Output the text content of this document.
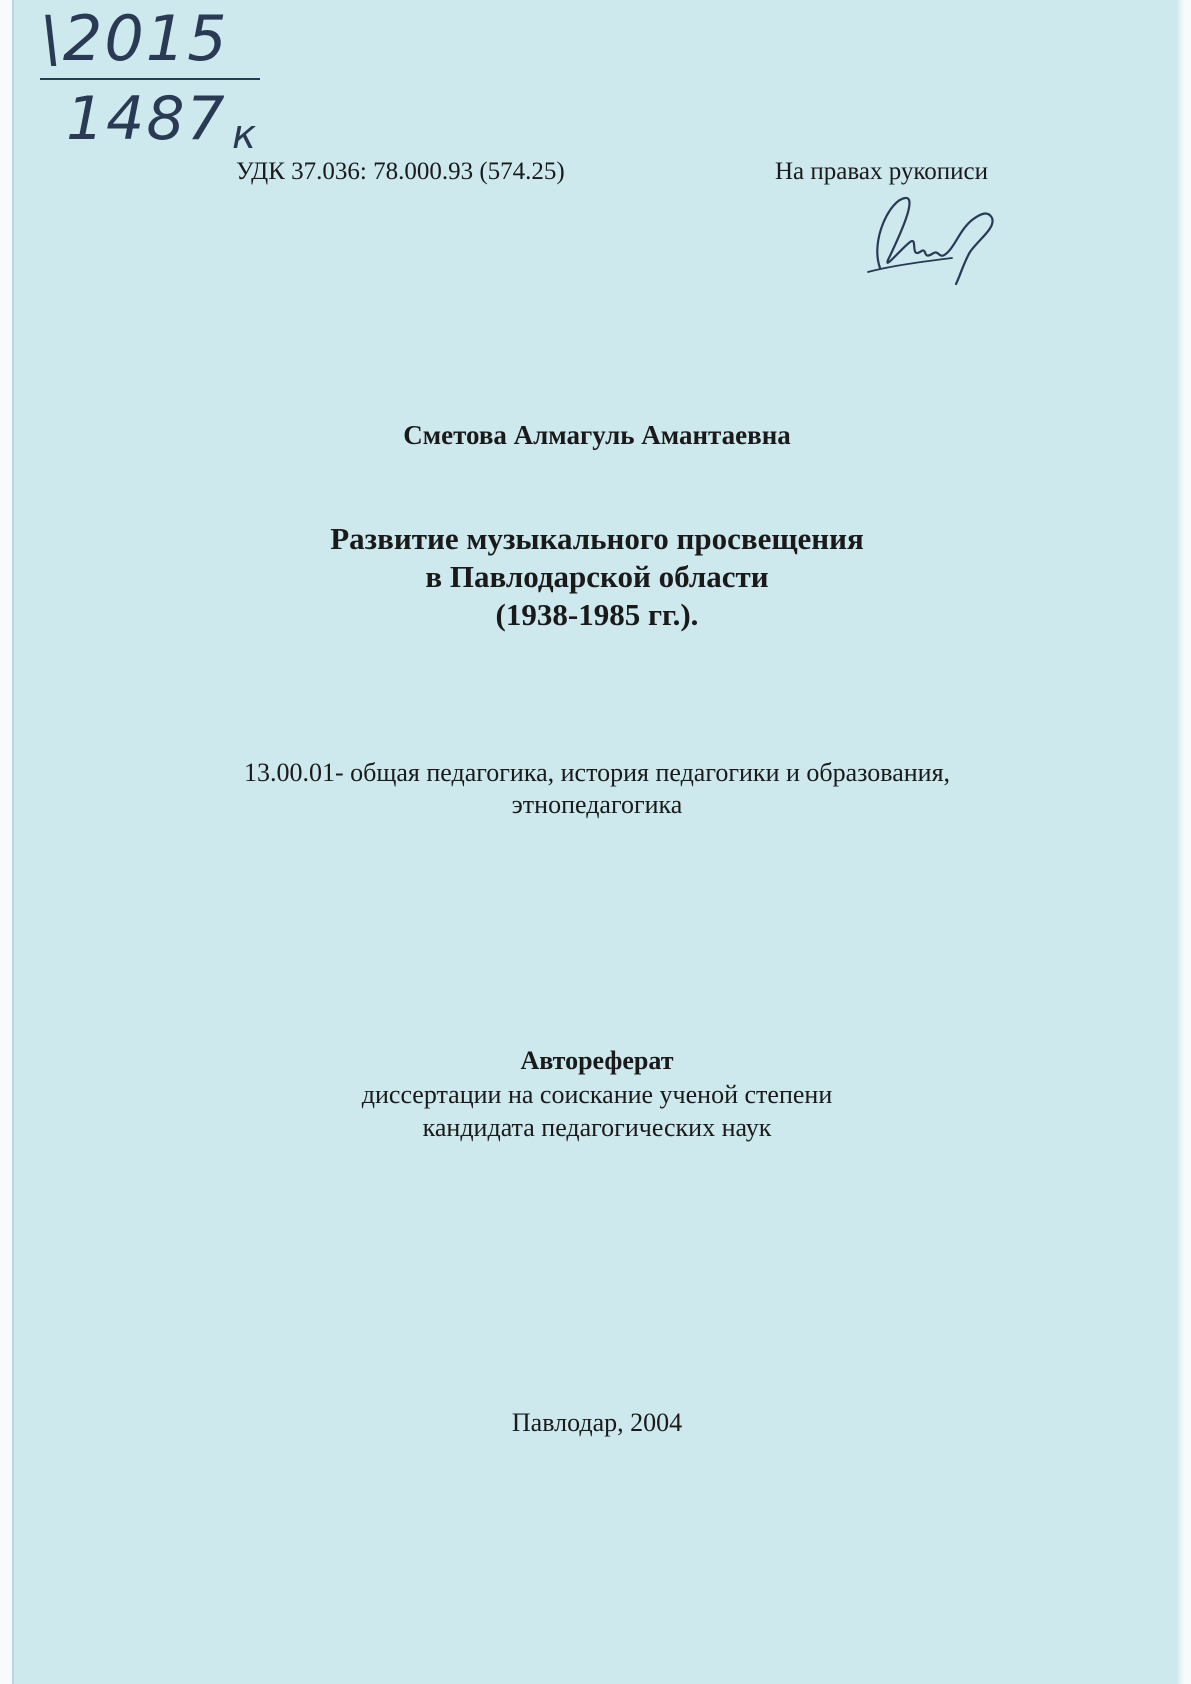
\2015
1487 к
УДК 37.036: 78.000.93 (574.25)	На правах рукописи
Сметова Алмагуль Амантаевна
Развитие музыкального просвещения
в Павлодарской области
(1938-1985 гг.).
13.00.01- общая педагогика, история педагогики и образования,
этнопедагогика
Автореферат
диссертации на соискание ученой степени
кандидата педагогических наук
Павлодар, 2004
